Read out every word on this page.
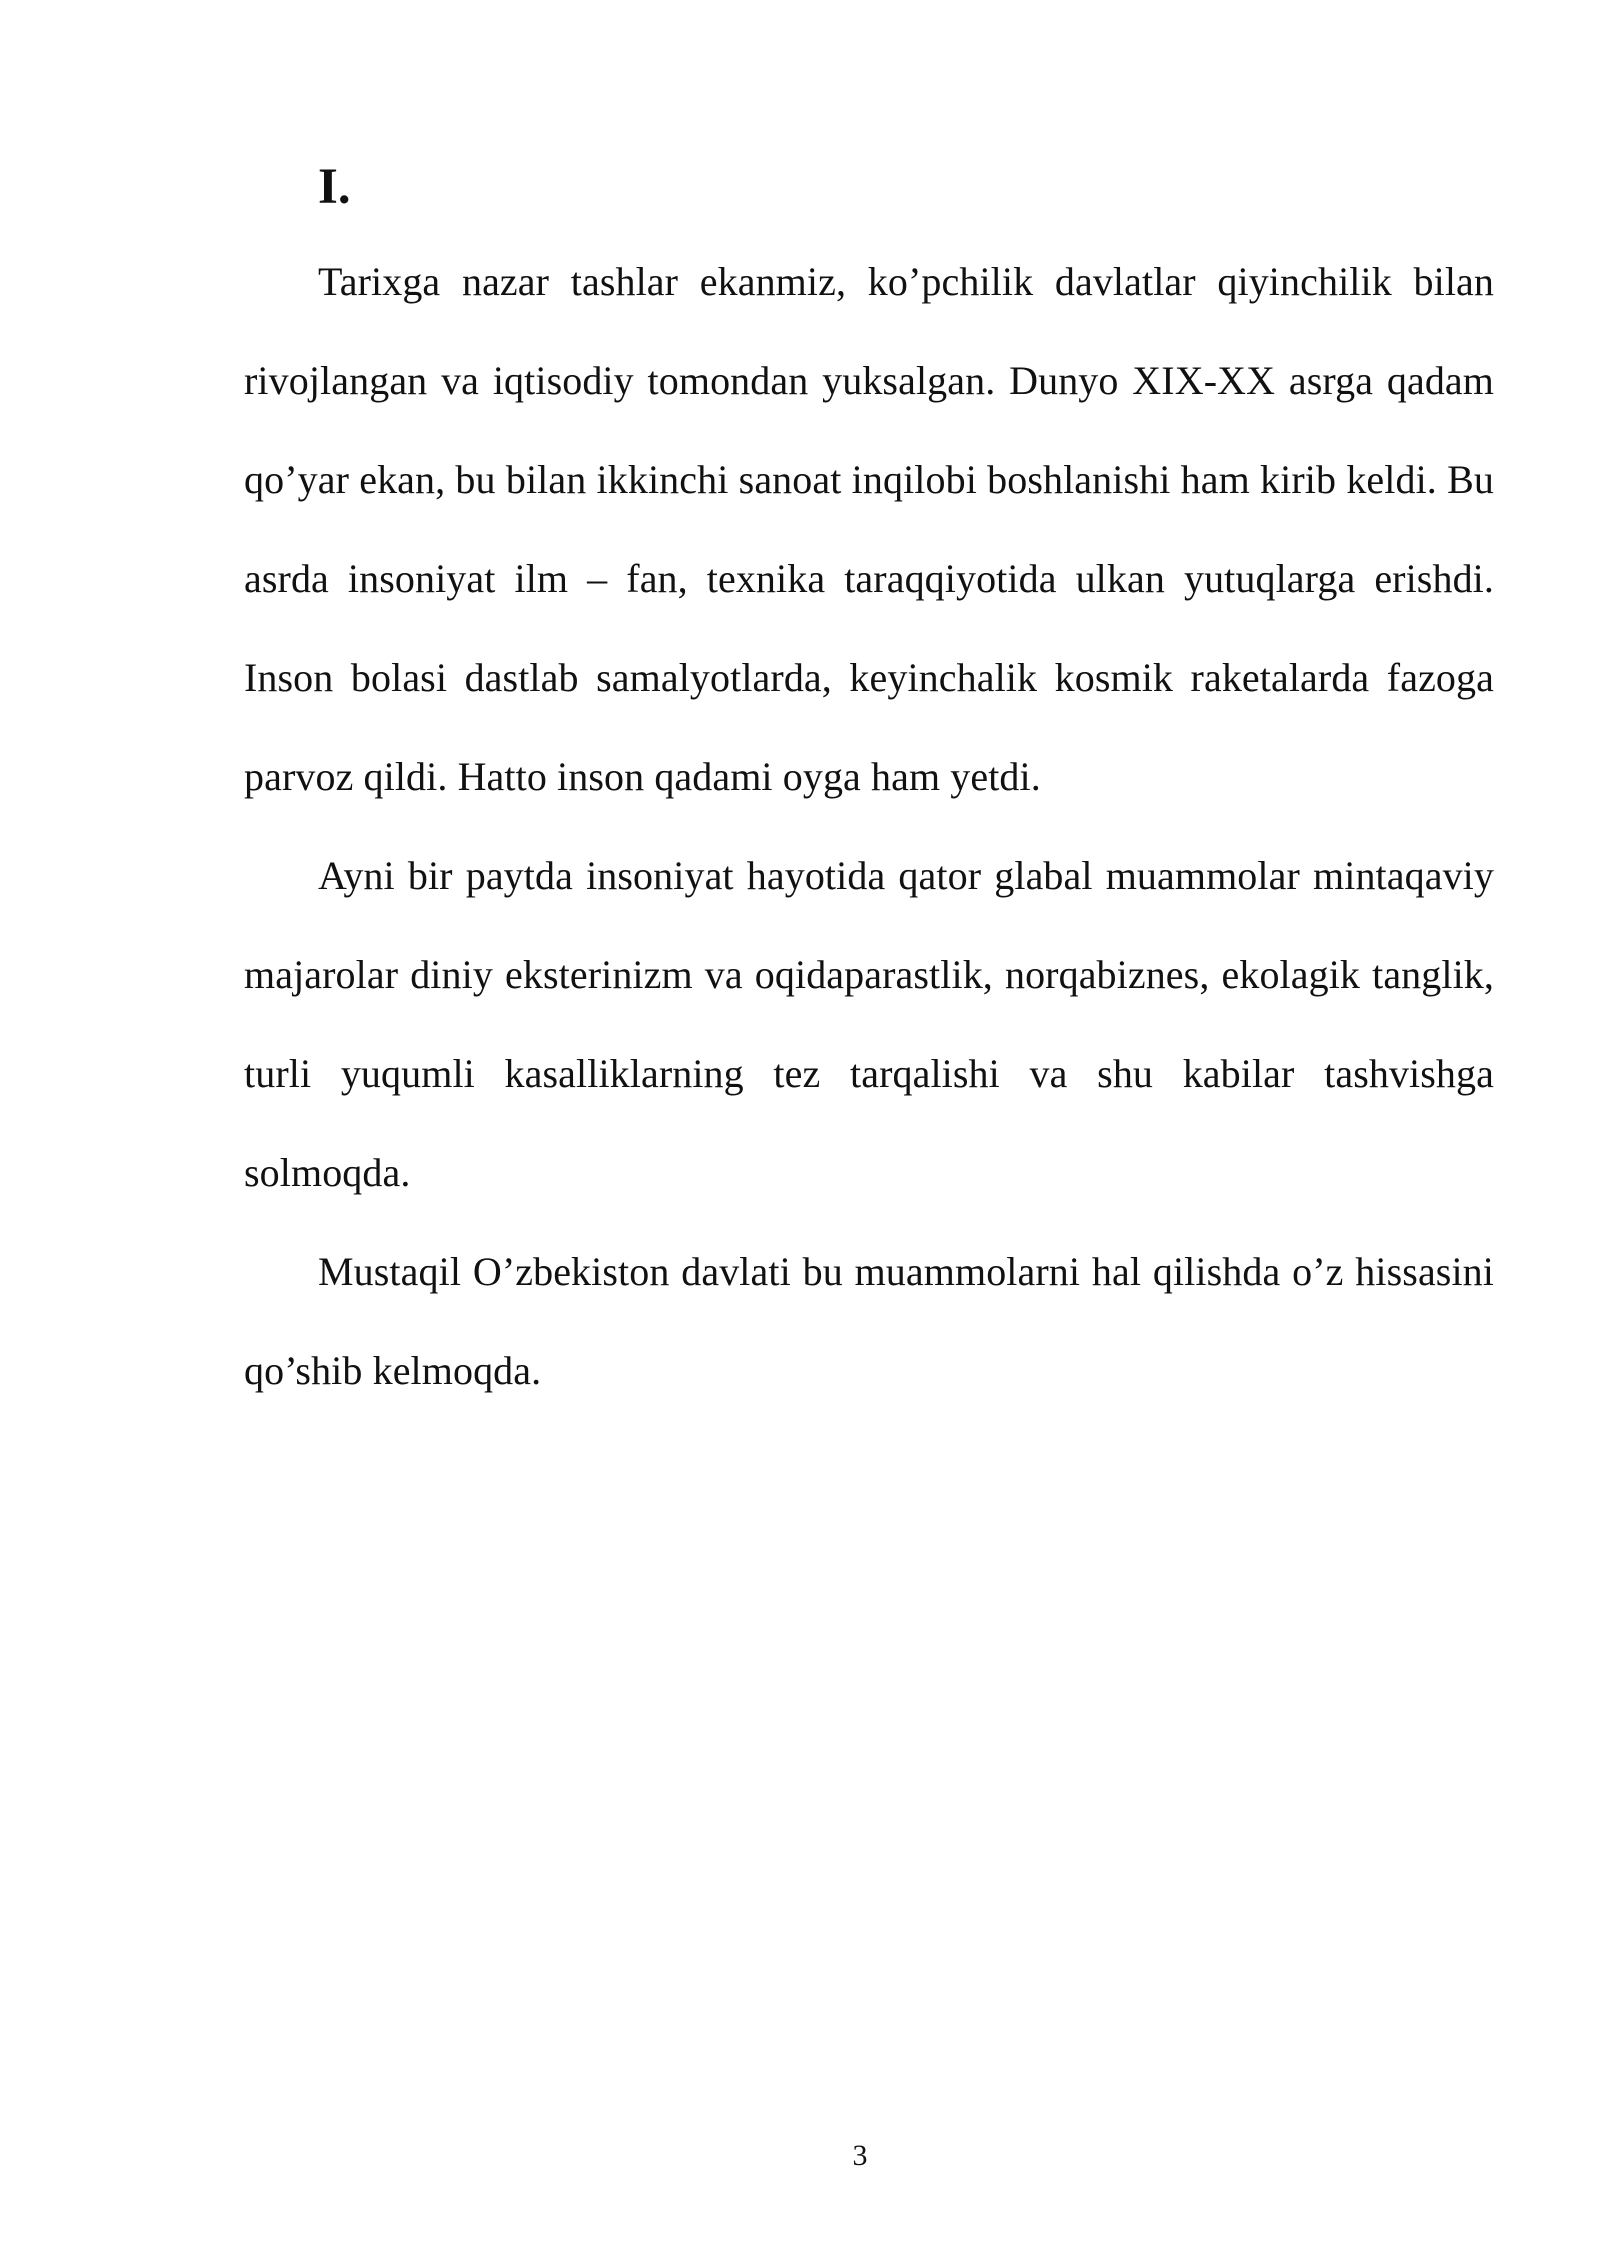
I.

Tarixga nazar tashlar ekanmiz, ko’pchilik davlatlar qiyinchilik bilan rivojlangan va iqtisodiy tomondan yuksalgan. Dunyo XIX-XX asrga qadam qo’yar ekan, bu bilan ikkinchi sanoat inqilobi boshlanishi ham kirib keldi. Bu asrda insoniyat ilm – fan, texnika taraqqiyotida ulkan yutuqlarga erishdi. Inson bolasi dastlab samalyotlarda, keyinchalik kosmik raketalarda fazoga parvoz qildi. Hatto inson qadami oyga ham yetdi.

Ayni bir paytda insoniyat hayotida qator glabal muammolar mintaqaviy majarolar diniy eksterinizm va oqidaparastlik, norqabiznes, ekolagik tanglik, turli yuqumli kasalliklarning tez tarqalishi va shu kabilar tashvishga solmoqda.

Mustaqil O’zbekiston davlati bu muammolarni hal qilishda o’z hissasini qo’shib kelmoqda.

3
